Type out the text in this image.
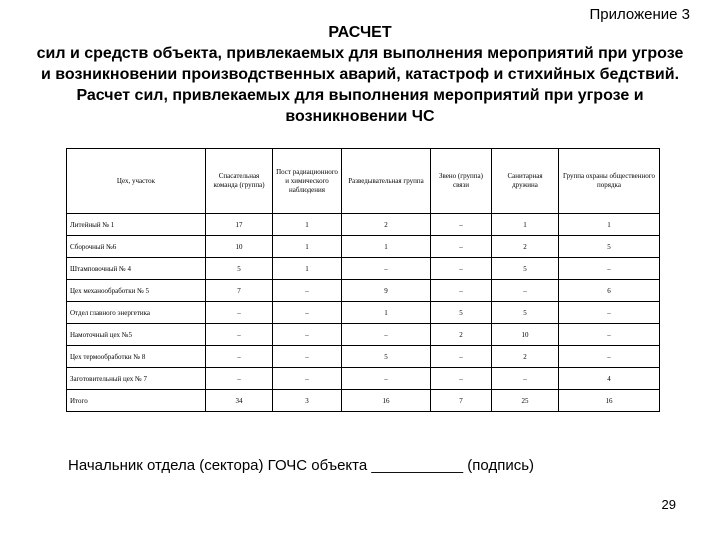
Приложение 3
РАСЧЕТ
сил и средств объекта, привлекаемых для выполнения мероприятий при угрозе и возникновении производственных аварий, катастроф и стихийных бедствий. Расчет сил, привлекаемых для выполнения мероприятий при угрозе и возникновении ЧС
Цех, участок	Спасательная команда (группа)	Пост радиационного и химического наблюдения	Разведывательная группа	Звено (группа) связи	Санитарная дружина	Группа охраны общественного порядка
Литейный № 1	17	1	2	–	1	1
Сборочный №6	10	1	1	–	2	5
Штамповочный № 4	5	1	–	–	5	–
Цех механообработки № 5	7	–	9	–	–	6
Отдел главного энергетика	–	–	1	5	5	–
Намоточный цех №5	–	–	–	2	10	–
Цех термообработки № 8	–	–	5	–	2	–
Заготовительный цех № 7	–	–	–	–	–	4
Итого	34	3	16	7	25	16
Начальник отдела (сектора) ГОЧС объекта ___________ (подпись)
29
